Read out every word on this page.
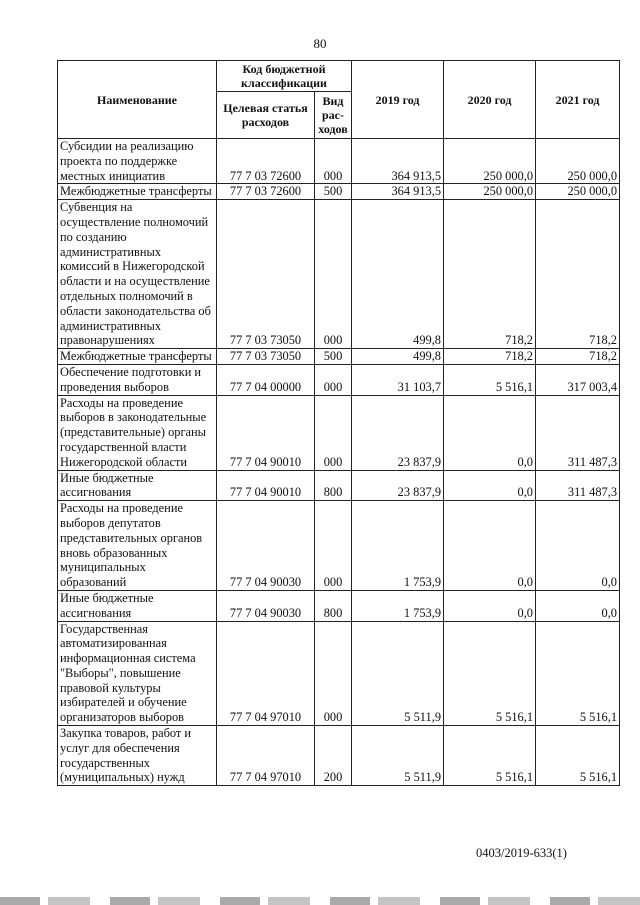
80
Наименование	Код бюджетной классификации		2019 год	2020 год	2021 год
	Целевая статья расходов	Вид рас-ходов			
Субсидии на реализацию проекта по поддержке местных инициатив	77 7 03 72600	000	364 913,5	250 000,0	250 000,0
Межбюджетные трансферты	77 7 03 72600	500	364 913,5	250 000,0	250 000,0
Субвенция на осуществление полномочий по созданию административных комиссий в Нижегородской области и на осуществление отдельных полномочий в области законодательства об административных правонарушениях	77 7 03 73050	000	499,8	718,2	718,2
Межбюджетные трансферты	77 7 03 73050	500	499,8	718,2	718,2
Обеспечение подготовки и проведения выборов	77 7 04 00000	000	31 103,7	5 516,1	317 003,4
Расходы на проведение выборов в законодательные (представительные) органы государственной власти Нижегородской области	77 7 04 90010	000	23 837,9	0,0	311 487,3
Иные бюджетные ассигнования	77 7 04 90010	800	23 837,9	0,0	311 487,3
Расходы на проведение выборов депутатов представительных органов вновь образованных муниципальных образований	77 7 04 90030	000	1 753,9	0,0	0,0
Иные бюджетные ассигнования	77 7 04 90030	800	1 753,9	0,0	0,0
Государственная автоматизированная информационная система "Выборы", повышение правовой культуры избирателей и обучение организаторов выборов	77 7 04 97010	000	5 511,9	5 516,1	5 516,1
Закупка товаров, работ и услуг для обеспечения государственных (муниципальных) нужд	77 7 04 97010	200	5 511,9	5 516,1	5 516,1
0403/2019-633(1)
